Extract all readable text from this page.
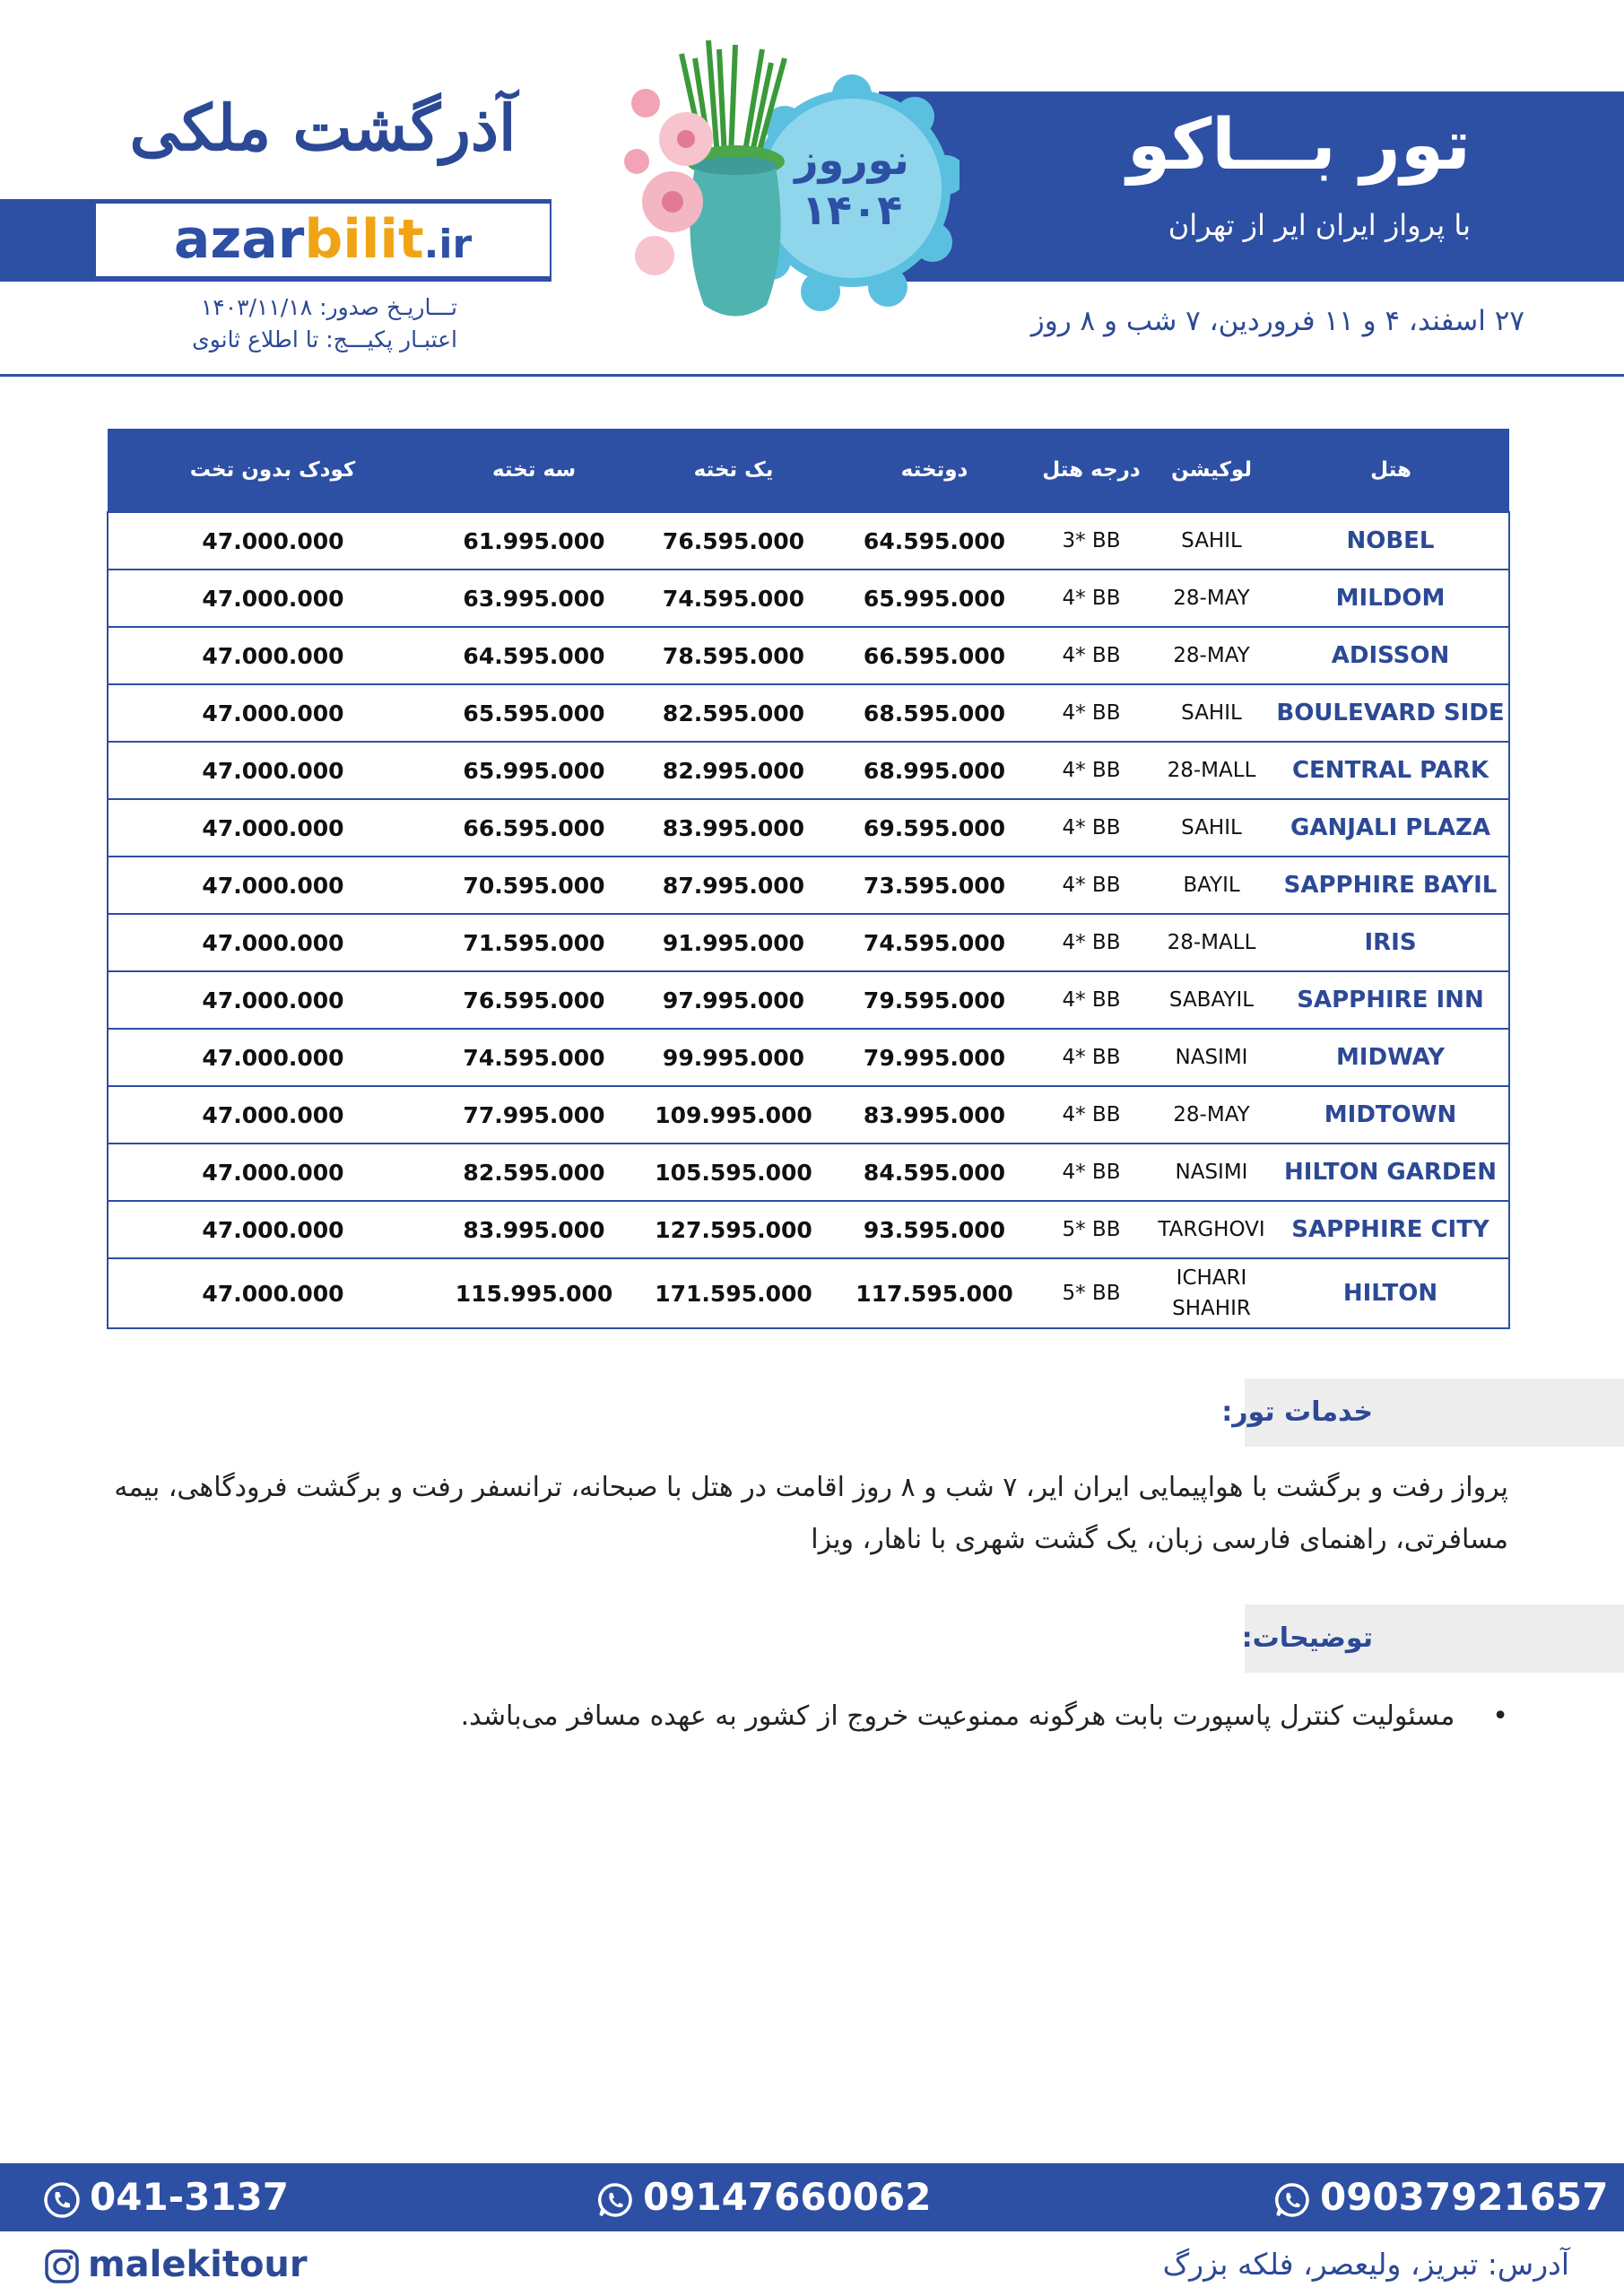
آذرگشت ملکی
azarbilit.ir
تـــاریـخ صدور: ۱۴۰۳/۱۱/۱۸
اعتبـار پکیـــج: تا اطلاع ثانوی
نوروز
۱۴۰۴
تور بـــاکو
با پرواز ایران ایر از تهران
۲۷ اسفند، ۴ و ۱۱ فروردین، ۷ شب و ۸ روز
هتل	لوکیشن	درجه هتل	دوتخته	یک تخته	سه تخته	کودک بدون تخت
NOBEL	SAHIL	3* BB	64.595.000	76.595.000	61.995.000	47.000.000
MILDOM	28-MAY	4* BB	65.995.000	74.595.000	63.995.000	47.000.000
ADISSON	28-MAY	4* BB	66.595.000	78.595.000	64.595.000	47.000.000
BOULEVARD SIDE	SAHIL	4* BB	68.595.000	82.595.000	65.595.000	47.000.000
CENTRAL PARK	28-MALL	4* BB	68.995.000	82.995.000	65.995.000	47.000.000
GANJALI PLAZA	SAHIL	4* BB	69.595.000	83.995.000	66.595.000	47.000.000
SAPPHIRE BAYIL	BAYIL	4* BB	73.595.000	87.995.000	70.595.000	47.000.000
IRIS	28-MALL	4* BB	74.595.000	91.995.000	71.595.000	47.000.000
SAPPHIRE INN	SABAYIL	4* BB	79.595.000	97.995.000	76.595.000	47.000.000
MIDWAY	NASIMI	4* BB	79.995.000	99.995.000	74.595.000	47.000.000
MIDTOWN	28-MAY	4* BB	83.995.000	109.995.000	77.995.000	47.000.000
HILTON GARDEN	NASIMI	4* BB	84.595.000	105.595.000	82.595.000	47.000.000
SAPPHIRE CITY	TARGHOVI	5* BB	93.595.000	127.595.000	83.995.000	47.000.000
HILTON	ICHARI SHAHIR	5* BB	117.595.000	171.595.000	115.995.000	47.000.000
خدمات تور:
پرواز رفت و برگشت با هواپیمایی ایران ایر، ۷ شب و ۸ روز اقامت در هتل با صبحانه، ترانسفر رفت و برگشت فرودگاهی، بیمه مسافرتی، راهنمای فارسی زبان، یک گشت شهری با ناهار، ویزا
توضیحات:
•مسئولیت کنترل پاسپورت بابت هرگونه ممنوعیت خروج از کشور به عهده مسافر می‌باشد.
041-3137	09147660062	09037921657
malekitour	آدرس: تبریز، ولیعصر، فلکه بزرگ
